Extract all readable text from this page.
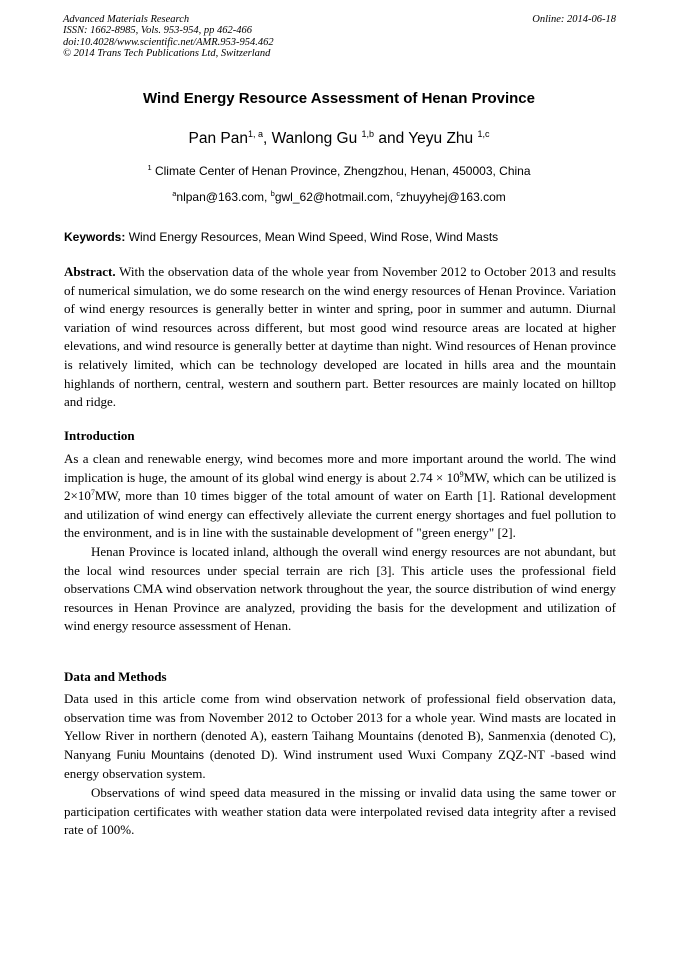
Advanced Materials Research
ISSN: 1662-8985, Vols. 953-954, pp 462-466
doi:10.4028/www.scientific.net/AMR.953-954.462
© 2014 Trans Tech Publications Ltd, Switzerland
Online: 2014-06-18
Wind Energy Resource Assessment of Henan Province
Pan Pan$^{1, a}$, Wanlong Gu $^{1,b}$ and Yeyu Zhu $^{1,c}$
$^1$ Climate Center of Henan Province, Zhengzhou, Henan, 450003, China
$^a$nlpan@163.com, $^b$gwl_62@hotmail.com, $^c$zhuyyhej@163.com
Keywords: Wind Energy Resources, Mean Wind Speed, Wind Rose, Wind Masts

Abstract. With the observation data of the whole year from November 2012 to October 2013 and results of numerical simulation, we do some research on the wind energy resources of Henan Province. Variation of wind energy resources is generally better in winter and spring, poor in summer and autumn. Diurnal variation of wind resources across different, but most good wind resource areas are located at higher elevations, and wind resource is generally better at daytime than night. Wind resources of Henan province is relatively limited, which can be technology developed are located in hills area and the mountain highlands of northern, central, western and southern part. Better resources are mainly located on hilltop and ridge.

Introduction

As a clean and renewable energy, wind becomes more and more important around the world. The wind implication is huge, the amount of its global wind energy is about $2.74 \times 10^9MW$, which can be utilized is $2\times 10^7MW$, more than 10 times bigger of the total amount of water on Earth [1]. Rational development and utilization of wind energy can effectively alleviate the current energy shortages and fuel pollution to the environment, and is in line with the sustainable development of "green energy" [2].

Henan Province is located inland, although the overall wind energy resources are not abundant, but the local wind resources under special terrain are rich [3]. This article uses the professional field observations CMA wind observation network throughout the year, the source distribution of wind energy resources in Henan Province are analyzed, providing the basis for the development and utilization of wind energy resource assessment of Henan.

Data and Methods

Data used in this article come from wind observation network of professional field observation data, observation time was from November 2012 to October 2013 for a whole year. Wind masts are located in Yellow River in northern (denoted A), eastern Taihang Mountains (denoted B), Sanmenxia (denoted C), Nanyang Funiu Mountains (denoted D). Wind instrument used Wuxi Company ZQZ-NT -based wind energy observation system.

Observations of wind speed data measured in the missing or invalid data using the same tower or participation certificates with weather station data were interpolated revised data integrity after a revised rate of 100%.
